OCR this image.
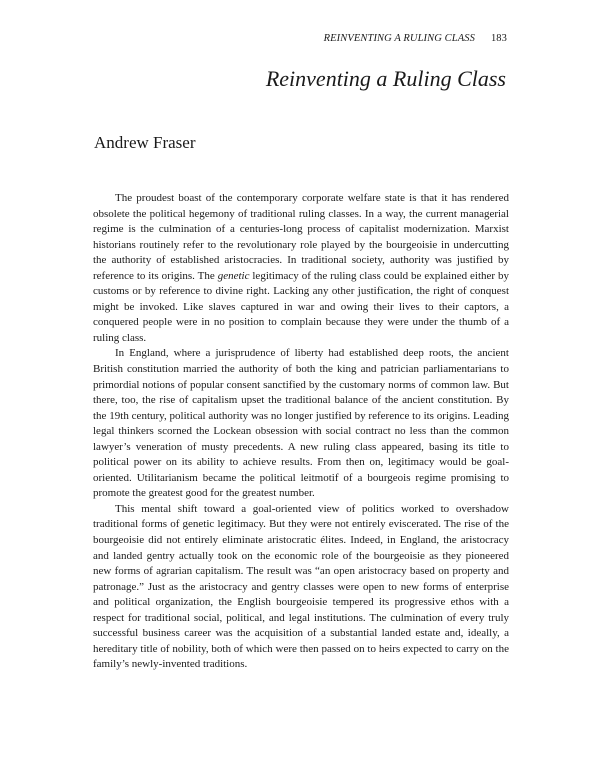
REINVENTING A RULING CLASS 183
Reinventing a Ruling Class
Andrew Fraser

The proudest boast of the contemporary corporate welfare state is that it has rendered obsolete the political hegemony of traditional ruling classes. In a way, the current managerial regime is the culmination of a centuries-long process of capitalist modernization. Marxist historians routinely refer to the revolutionary role played by the bourgeoisie in undercutting the authority of established aristocracies. In traditional society, authority was justified by reference to its origins. The genetic legitimacy of the ruling class could be explained either by customs or by reference to divine right. Lacking any other justification, the right of conquest might be invoked. Like slaves captured in war and owing their lives to their captors, a conquered people were in no position to complain because they were under the thumb of a ruling class.

In England, where a jurisprudence of liberty had established deep roots, the ancient British constitution married the authority of both the king and patrician parliamentarians to primordial notions of popular consent sanctified by the customary norms of common law. But there, too, the rise of capitalism upset the traditional balance of the ancient constitution. By the 19th century, political authority was no longer justified by reference to its origins. Leading legal thinkers scorned the Lockean obsession with social contract no less than the common lawyer’s veneration of musty precedents. A new ruling class appeared, basing its title to political power on its ability to achieve results. From then on, legitimacy would be goal-oriented. Utilitarianism became the political leitmotif of a bourgeois regime promising to promote the greatest good for the greatest number.

This mental shift toward a goal-oriented view of politics worked to overshadow traditional forms of genetic legitimacy. But they were not entirely eviscerated. The rise of the bourgeoisie did not entirely eliminate aristocratic élites. Indeed, in England, the aristocracy and landed gentry actually took on the economic role of the bourgeoisie as they pioneered new forms of agrarian capitalism. The result was “an open aristocracy based on property and patronage.” Just as the aristocracy and gentry classes were open to new forms of enterprise and political organization, the English bourgeoisie tempered its progressive ethos with a respect for traditional social, political, and legal institutions. The culmination of every truly successful business career was the acquisition of a substantial landed estate and, ideally, a hereditary title of nobility, both of which were then passed on to heirs expected to carry on the family’s newly-invented traditions.
